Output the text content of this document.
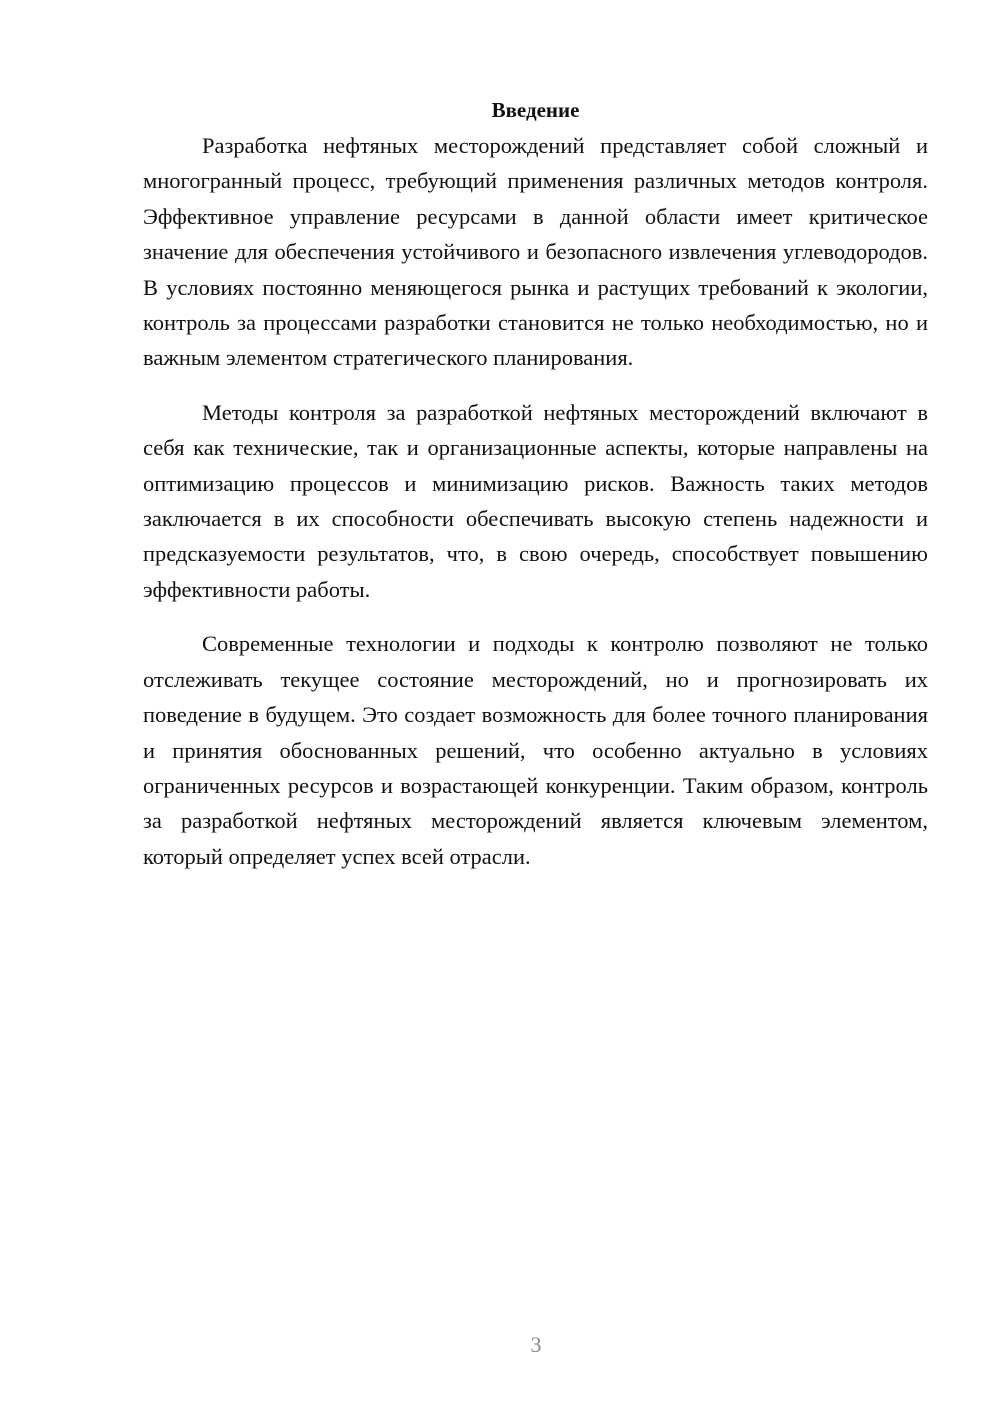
Введение

Разработка нефтяных месторождений представляет собой сложный и многогранный процесс, требующий применения различных методов контроля. Эффективное управление ресурсами в данной области имеет критическое значение для обеспечения устойчивого и безопасного извлечения углеводородов. В условиях постоянно меняющегося рынка и растущих требований к экологии, контроль за процессами разработки становится не только необходимостью, но и важным элементом стратегического планирования.

Методы контроля за разработкой нефтяных месторождений включают в себя как технические, так и организационные аспекты, которые направлены на оптимизацию процессов и минимизацию рисков. Важность таких методов заключается в их способности обеспечивать высокую степень надежности и предсказуемости результатов, что, в свою очередь, способствует повышению эффективности работы.

Современные технологии и подходы к контролю позволяют не только отслеживать текущее состояние месторождений, но и прогнозировать их поведение в будущем. Это создает возможность для более точного планирования и принятия обоснованных решений, что особенно актуально в условиях ограниченных ресурсов и возрастающей конкуренции. Таким образом, контроль за разработкой нефтяных месторождений является ключевым элементом, который определяет успех всей отрасли.

3
